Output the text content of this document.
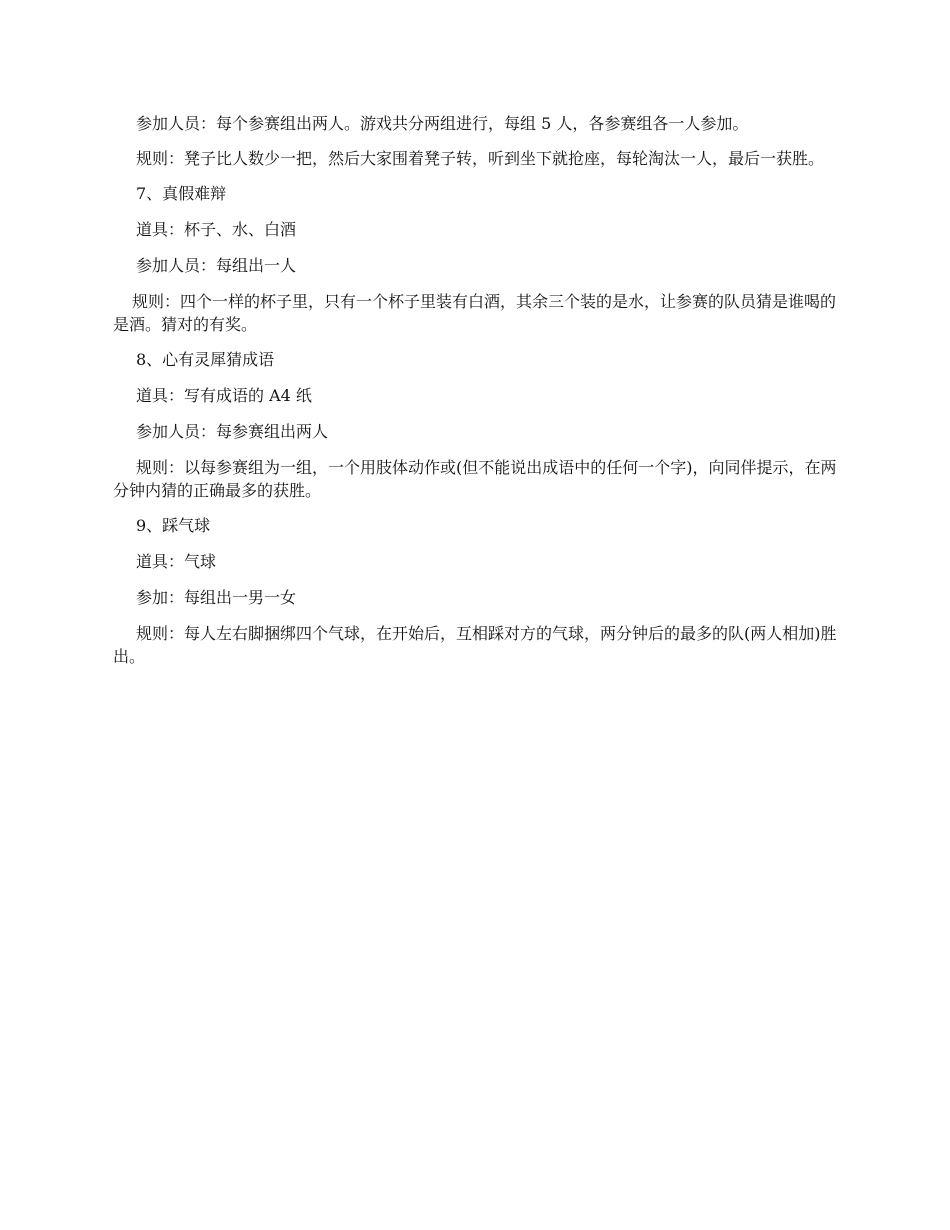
参加人员：每个参赛组出两人。游戏共分两组进行，每组 5 人，各参赛组各一人参加。

规则：凳子比人数少一把，然后大家围着凳子转，听到坐下就抢座，每轮淘汰一人，最后一获胜。

7、真假难辩

道具：杯子、水、白酒

参加人员：每组出一人

规则：四个一样的杯子里，只有一个杯子里装有白酒，其余三个装的是水，让参赛的队员猜是谁喝的是酒。猜对的有奖。

8、心有灵犀猜成语

道具：写有成语的 A4 纸

参加人员：每参赛组出两人

规则：以每参赛组为一组，一个用肢体动作或(但不能说出成语中的任何一个字)，向同伴提示，在两分钟内猜的正确最多的获胜。

9、踩气球

道具：气球

参加：每组出一男一女

规则：每人左右脚捆绑四个气球，在开始后，互相踩对方的气球，两分钟后的最多的队(两人相加)胜出。
